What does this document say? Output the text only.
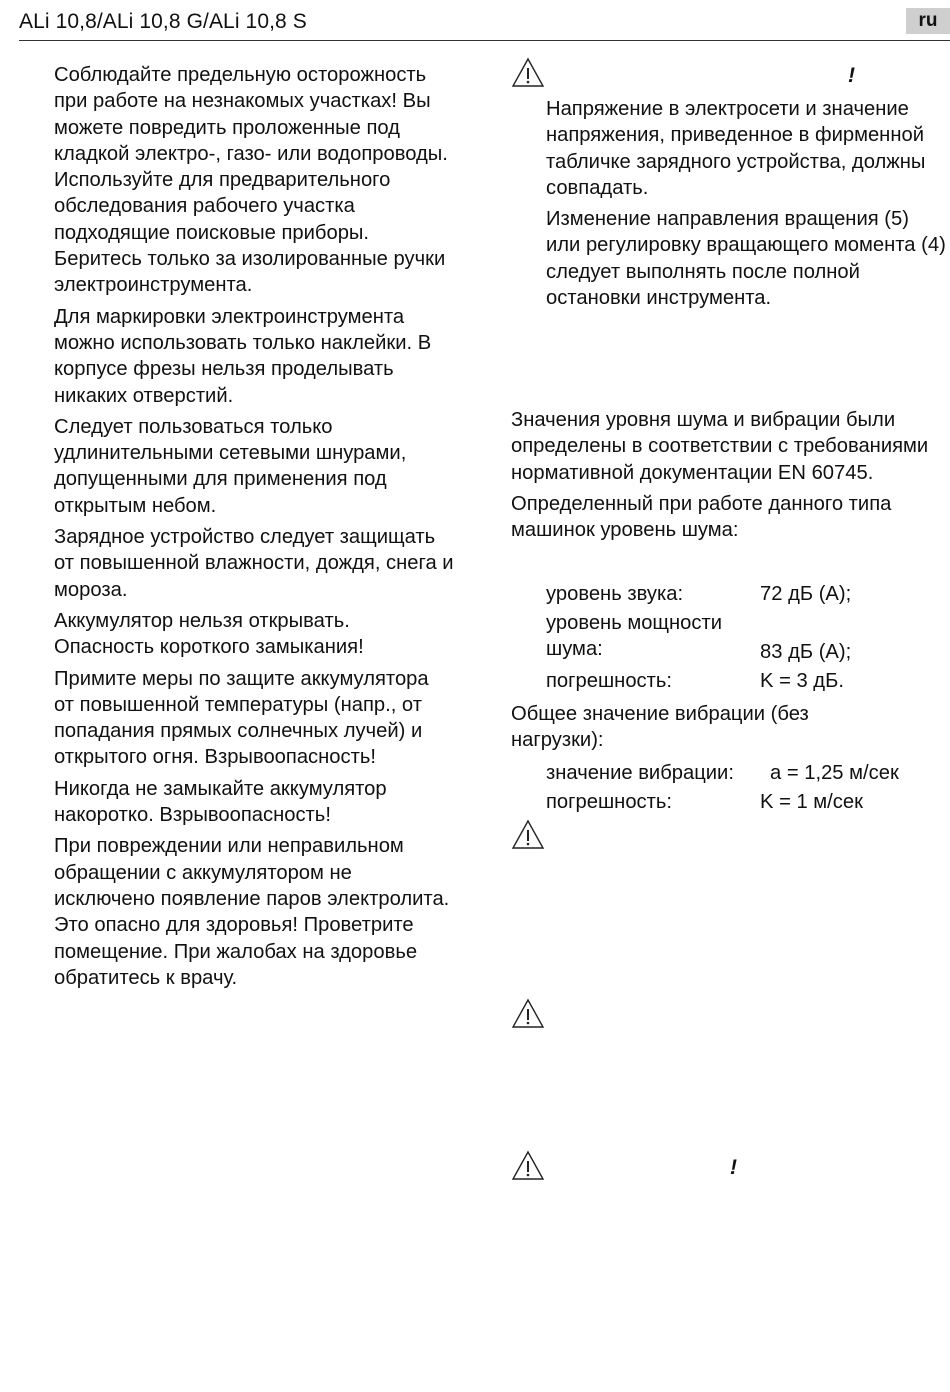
ALi 10,8/ALi 10,8 G/ALi 10,8 S	ru

Соблюдайте предельную осторожность при работе на незнакомых участках! Вы можете повредить проложенные под кладкой электро-, газо- или водопроводы. Используйте для предварительного обследования рабочего участка подходящие поисковые приборы. Беритесь только за изолированные ручки электроинструмента.

Для маркировки электроинструмента можно использовать только наклейки. В корпусе фрезы нельзя проделывать никаких отверстий.

Следует пользоваться только удлинительными сетевыми шнурами, допущенными для применения под открытым небом.

Зарядное устройство следует защищать от повышенной влажности, дождя, снега и мороза.

Аккумулятор нельзя открывать. Опасность короткого замыкания!

Примите меры по защите аккумулятора от повышенной температуры (напр., от попадания прямых солнечных лучей) и открытого огня. Взрывоопасность!

Никогда не замыкайте аккумулятор накоротко. Взрывоопасность!

При повреждении или неправильном обращении с аккумулятором не исключено появление паров электролита. Это опасно для здоровья! Проветрите помещение. При жалобах на здоровье обратитесь к врачу.

!

Напряжение в электросети и значение напряжения, приведенное в фирменной табличке зарядного устройства, должны совпадать.

Изменение направления вращения (5) или регулировку вращающего момента (4) следует выполнять после полной остановки инструмента.

Значения уровня шума и вибрации были определены в соответствии с требованиями нормативной документации EN 60745.

Определенный при работе данного типа машинок уровень шума:

уровень звука:	72 дБ (A);
уровень мощности шума:	83 дБ (A);
погрешность:	K = 3 дБ.

Общее значение вибрации (без нагрузки):

значение вибрации: a = 1,25 м/сек
погрешность:	K = 1 м/сек
!
